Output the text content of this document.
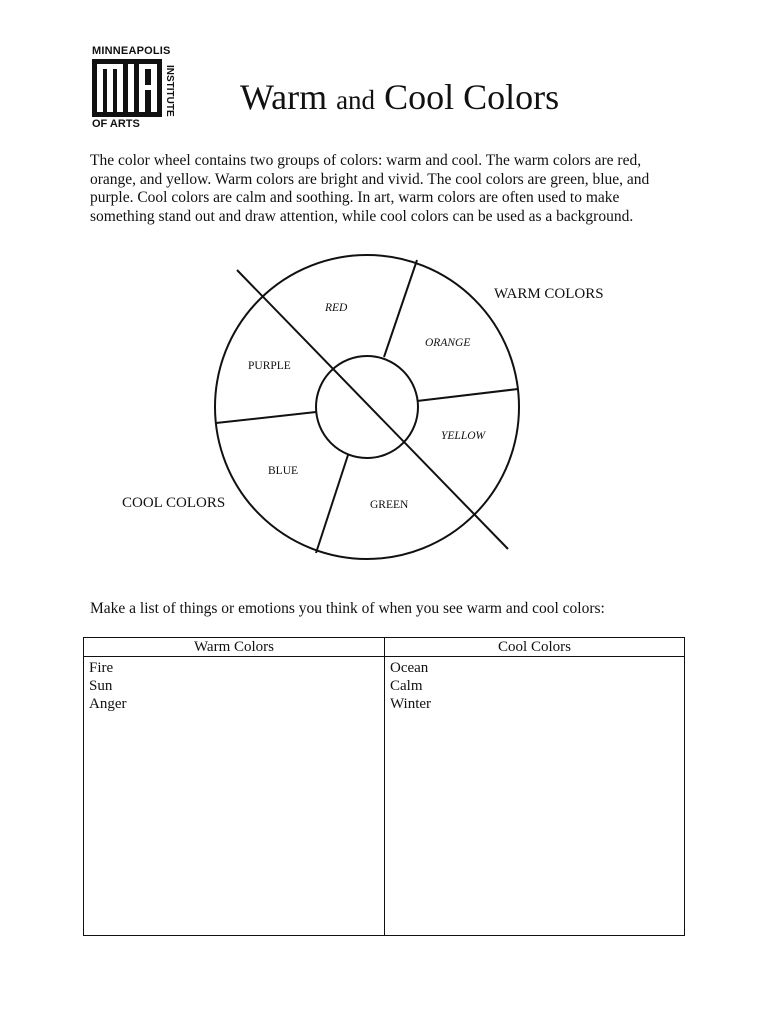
MINNEAPOLIS
INSTITUTE
OF ARTS
Warm and Cool Colors
The color wheel contains two groups of colors: warm and cool. The warm colors are red, orange, and yellow. Warm colors are bright and vivid. The cool colors are green, blue, and purple. Cool colors are calm and soothing. In art, warm colors are often used to make something stand out and draw attention, while cool colors can be used as a background.
RED
ORANGE
YELLOW
GREEN
BLUE
PURPLE
WARM COLORS
COOL COLORS
Make a list of things or emotions you think of when you see warm and cool colors:
Warm Colors
Fire
Sun
Anger
Cool Colors
Ocean
Calm
Winter
